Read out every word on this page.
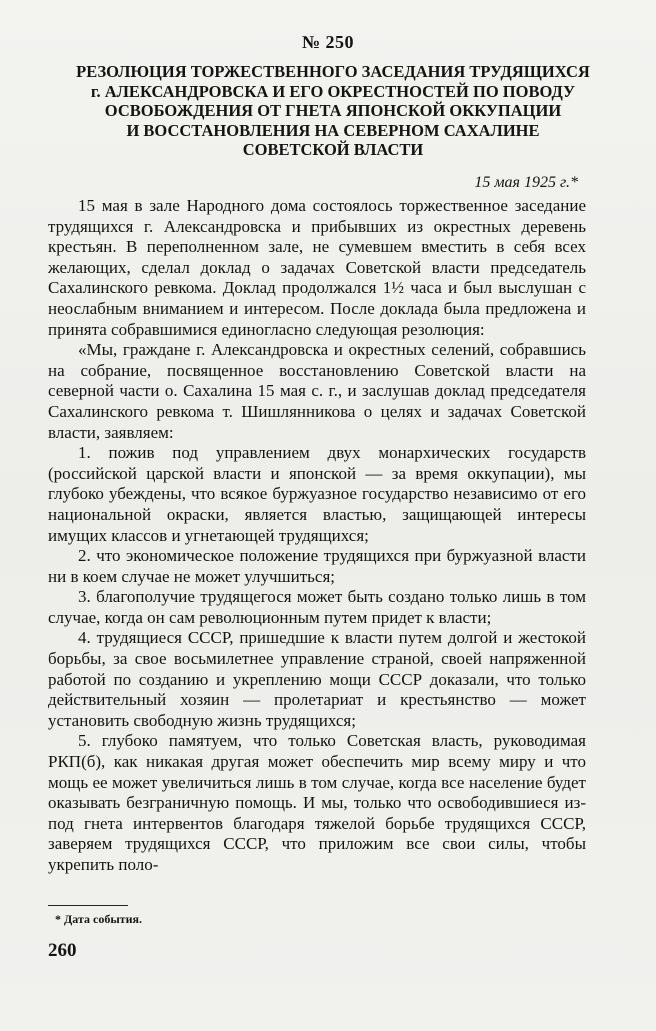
№ 250
РЕЗОЛЮЦИЯ ТОРЖЕСТВЕННОГО ЗАСЕДАНИЯ ТРУДЯЩИХСЯ
г. АЛЕКСАНДРОВСКА И ЕГО ОКРЕСТНОСТЕЙ ПО ПОВОДУ
ОСВОБОЖДЕНИЯ ОТ ГНЕТА ЯПОНСКОЙ ОККУПАЦИИ
И ВОССТАНОВЛЕНИЯ НА СЕВЕРНОМ САХАЛИНЕ
СОВЕТСКОЙ ВЛАСТИ
15 мая 1925 г.*

15 мая в зале Народного дома состоялось торжественное заседание трудящихся г. Александровска и прибывших из окрестных деревень крестьян. В переполненном зале, не сумевшем вместить в себя всех желающих, сделал доклад о задачах Советской власти председатель Сахалинского ревкома. Доклад продолжался 1½ часа и был выслушан с неослабным вниманием и интересом. После доклада была предложена и принята собравшимися единогласно следующая резолюция:

«Мы, граждане г. Александровска и окрестных селений, собравшись на собрание, посвященное восстановлению Советской власти на северной части о. Сахалина 15 мая с. г., и заслушав доклад председателя Сахалинского ревкома т. Шишлянникова о целях и задачах Советской власти, заявляем:

1. пожив под управлением двух монархических государств (российской царской власти и японской — за время оккупации), мы глубоко убеждены, что всякое буржуазное государство независимо от его национальной окраски, является властью, защищающей интересы имущих классов и угнетающей трудящихся;

2. что экономическое положение трудящихся при буржуазной власти ни в коем случае не может улучшиться;

3. благополучие трудящегося может быть создано только лишь в том случае, когда он сам революционным путем придет к власти;

4. трудящиеся СССР, пришедшие к власти путем долгой и жестокой борьбы, за свое восьмилетнее управление страной, своей напряженной работой по созданию и укреплению мощи СССР доказали, что только действительный хозяин — пролетариат и крестьянство — может установить свободную жизнь трудящихся;

5. глубоко памятуем, что только Советская власть, руководимая РКП(б), как никакая другая может обеспечить мир всему миру и что мощь ее может увеличиться лишь в том случае, когда все население будет оказывать безграничную помощь. И мы, только что освободившиеся из-под гнета интервентов благодаря тяжелой борьбе трудящихся СССР, заверяем трудящихся СССР, что приложим все свои силы, чтобы укрепить поло-

* Дата события.
260
